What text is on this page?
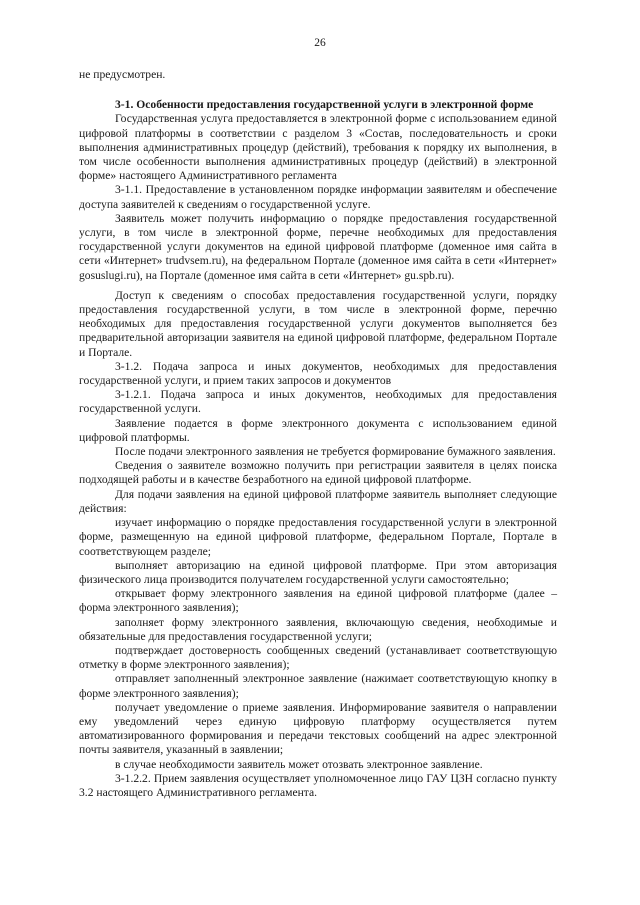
26

не предусмотрен.

3-1. Особенности предоставления государственной услуги в электронной форме

Государственная услуга предоставляется в электронной форме с использованием единой цифровой платформы в соответствии с разделом 3 «Состав, последовательность и сроки выполнения административных процедур (действий), требования к порядку их выполнения, в том числе особенности выполнения административных процедур (действий) в электронной форме» настоящего Административного регламента

3-1.1. Предоставление в установленном порядке информации заявителям и обеспечение доступа заявителей к сведениям о государственной услуге.

Заявитель может получить информацию о порядке предоставления государственной услуги, в том числе в электронной форме, перечне необходимых для предоставления государственной услуги документов на единой цифровой платформе (доменное имя сайта в сети «Интернет» trudvsem.ru), на федеральном Портале (доменное имя сайта в сети «Интернет» gosuslugi.ru), на Портале (доменное имя сайта в сети «Интернет» gu.spb.ru).

Доступ к сведениям о способах предоставления государственной услуги, порядку предоставления государственной услуги, в том числе в электронной форме, перечню необходимых для предоставления государственной услуги документов выполняется без предварительной авторизации заявителя на единой цифровой платформе, федеральном Портале и Портале.

3-1.2. Подача запроса и иных документов, необходимых для предоставления государственной услуги, и прием таких запросов и документов

3-1.2.1. Подача запроса и иных документов, необходимых для предоставления государственной услуги.

Заявление подается в форме электронного документа с использованием единой цифровой платформы.

После подачи электронного заявления не требуется формирование бумажного заявления.

Сведения о заявителе возможно получить при регистрации заявителя в целях поиска подходящей работы и в качестве безработного на единой цифровой платформе.

Для подачи заявления на единой цифровой платформе заявитель выполняет следующие действия:

изучает информацию о порядке предоставления государственной услуги в электронной форме, размещенную на единой цифровой платформе, федеральном Портале, Портале в соответствующем разделе;

выполняет авторизацию на единой цифровой платформе. При этом авторизация физического лица производится получателем государственной услуги самостоятельно;

открывает форму электронного заявления на единой цифровой платформе (далее – форма электронного заявления);

заполняет форму электронного заявления, включающую сведения, необходимые и обязательные для предоставления государственной услуги;

подтверждает достоверность сообщенных сведений (устанавливает соответствующую отметку в форме электронного заявления);

отправляет заполненный электронное заявление (нажимает соответствующую кнопку в форме электронного заявления);

получает уведомление о приеме заявления. Информирование заявителя о направлении ему уведомлений через единую цифровую платформу осуществляется путем автоматизированного формирования и передачи текстовых сообщений на адрес электронной почты заявителя, указанный в заявлении;

в случае необходимости заявитель может отозвать электронное заявление.

3-1.2.2. Прием заявления осуществляет уполномоченное лицо ГАУ ЦЗН согласно пункту 3.2 настоящего Административного регламента.
